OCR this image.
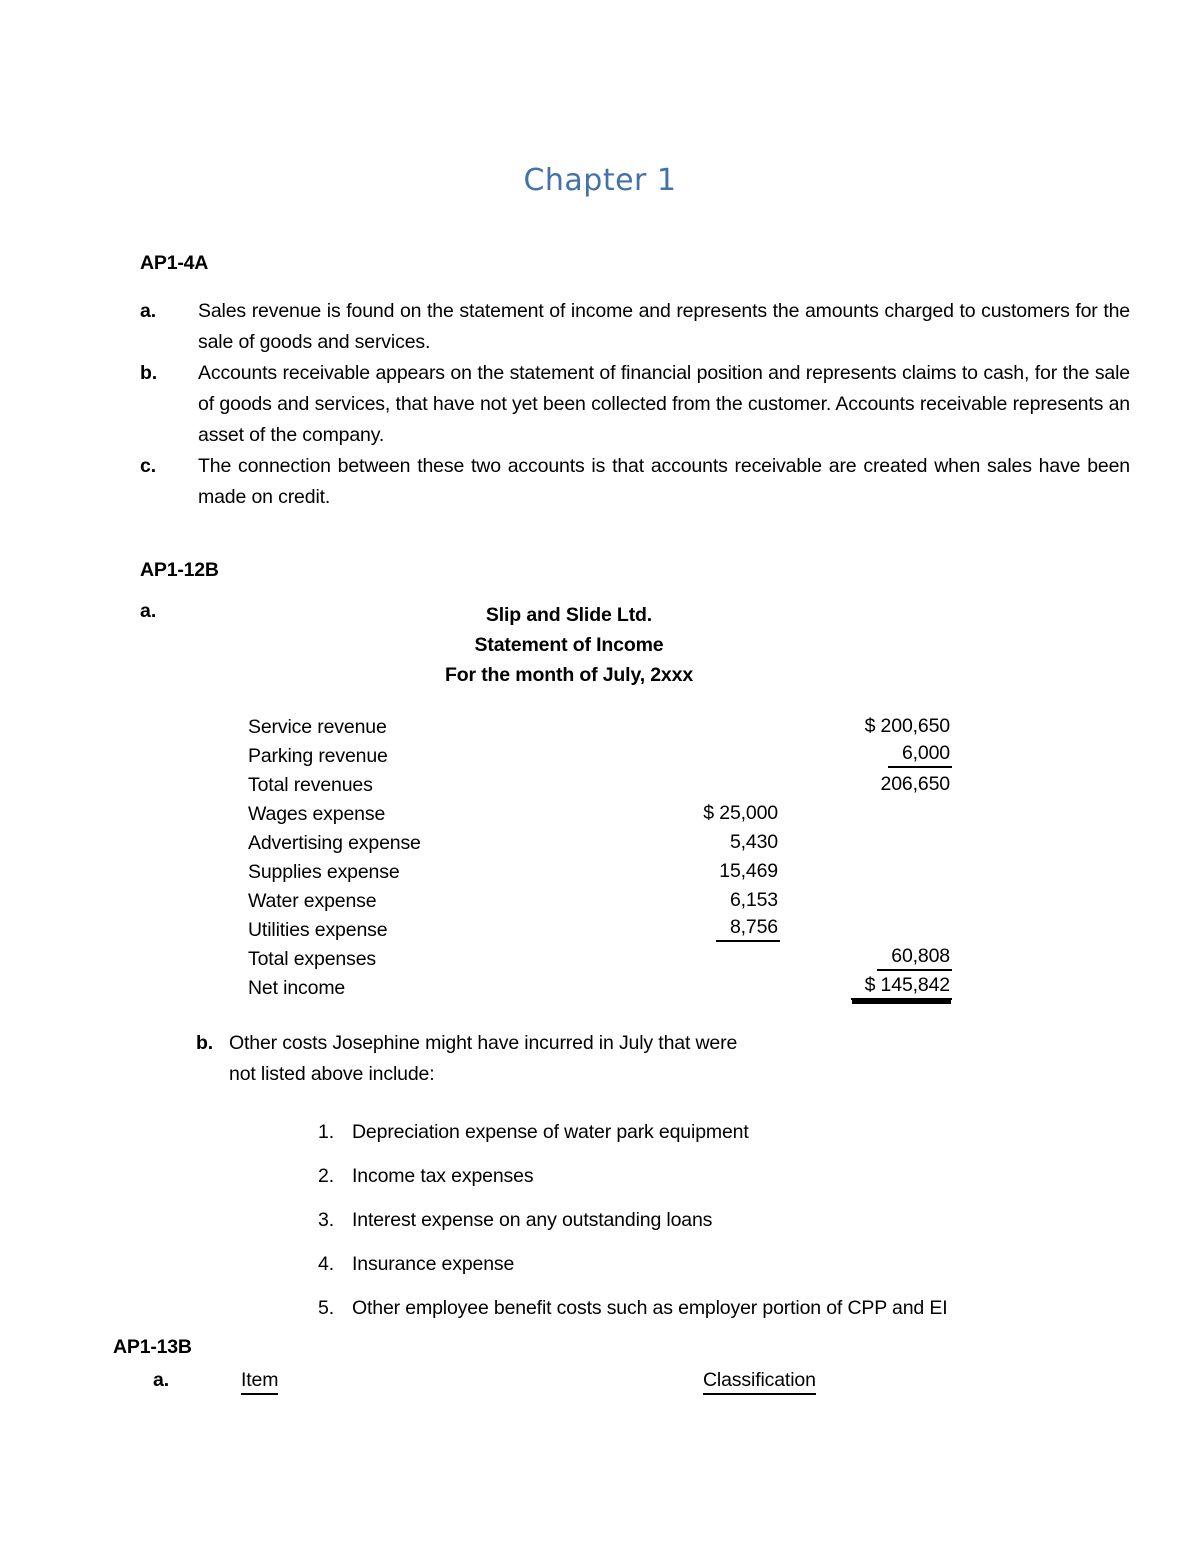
Chapter 1
AP1-4A
a.	Sales revenue is found on the statement of income and represents the amounts charged to customers for the sale of goods and services.
b.	Accounts receivable appears on the statement of financial position and represents claims to cash, for the sale of goods and services, that have not yet been collected from the customer. Accounts receivable represents an asset of the company.
c.	The connection between these two accounts is that accounts receivable are created when sales have been made on credit.
AP1-12B
a.	Slip and Slide Ltd.
Statement of Income
For the month of July, 2xxx
Service revenue		$ 200,650
Parking revenue		6,000
Total revenues		206,650
Wages expense	$ 25,000	
Advertising expense	5,430	
Supplies expense	15,469	
Water expense	6,153	
Utilities expense	8,756	
Total expenses		60,808
Net income		$ 145,842
b. Other costs Josephine might have incurred in July that were
not listed above include:
1. Depreciation expense of water park equipment
2. Income tax expenses
3. Interest expense on any outstanding loans
4. Insurance expense
5. Other employee benefit costs such as employer portion of CPP and EI
AP1-13B
a.	Item	Classification
